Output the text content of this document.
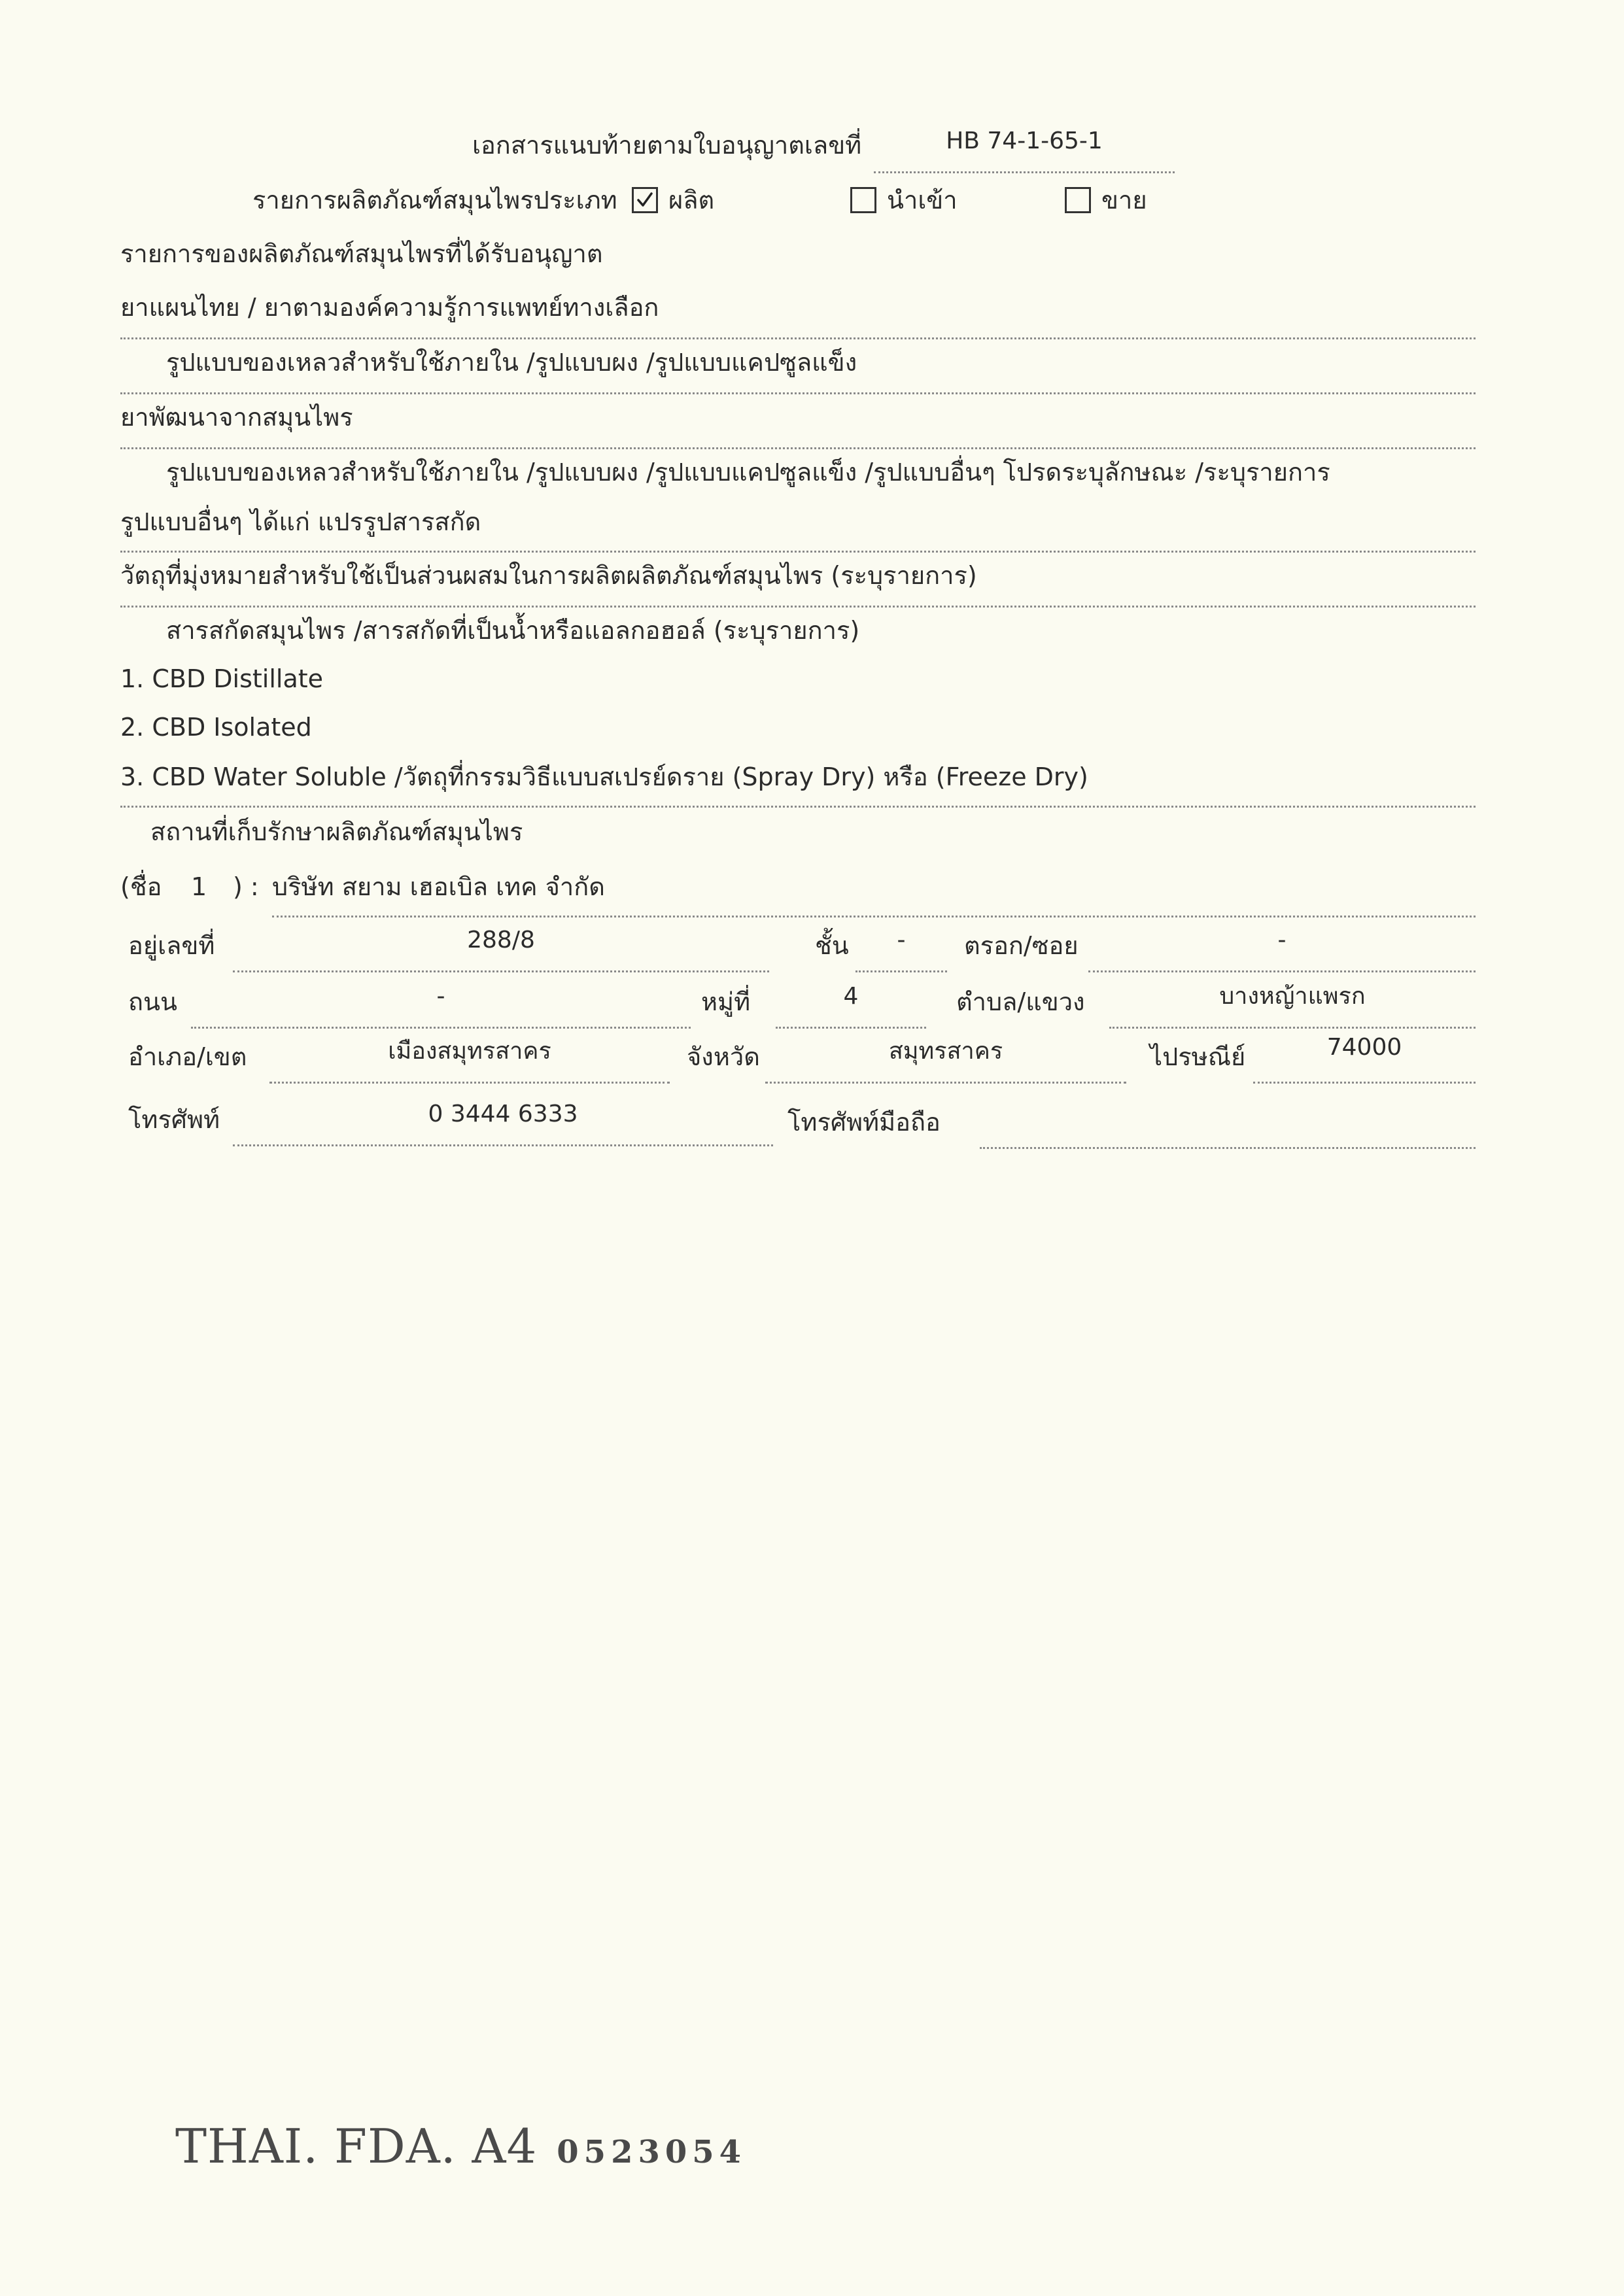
เอกสารแนบท้ายตามใบอนุญาตเลขที่	HB 74-1-65-1
รายการผลิตภัณฑ์สมุนไพรประเภท ผลิต	นำเข้า	ขาย
รายการของผลิตภัณฑ์สมุนไพรที่ได้รับอนุญาต
ยาแผนไทย / ยาตามองค์ความรู้การแพทย์ทางเลือก
รูปแบบของเหลวสำหรับใช้ภายใน /รูปแบบผง /รูปแบบแคปซูลแข็ง
ยาพัฒนาจากสมุนไพร
รูปแบบของเหลวสำหรับใช้ภายใน /รูปแบบผง /รูปแบบแคปซูลแข็ง /รูปแบบอื่นๆ โปรดระบุลักษณะ /ระบุรายการ
รูปแบบอื่นๆ ได้แก่ แปรรูปสารสกัด
วัตถุที่มุ่งหมายสำหรับใช้เป็นส่วนผสมในการผลิตผลิตภัณฑ์สมุนไพร (ระบุรายการ)
สารสกัดสมุนไพร /สารสกัดที่เป็นน้ำหรือแอลกอฮอล์ (ระบุรายการ)
1. CBD Distillate
2. CBD Isolated
3. CBD Water Soluble /วัตถุที่กรรมวิธีแบบสเปรย์ดราย (Spray Dry) หรือ (Freeze Dry)
สถานที่เก็บรักษาผลิตภัณฑ์สมุนไพร
(ชื่อ 1 ) : บริษัท สยาม เฮอเบิล เทค จำกัด
อยู่เลขที่	288/8	ชั้น	-	ตรอก/ซอย	-
ถนน	-	หมู่ที่	4	ตำบล/แขวง	บางหญ้าแพรก
อำเภอ/เขต	เมืองสมุทรสาคร	จังหวัด	สมุทรสาคร	ไปรษณีย์	74000
โทรศัพท์	0 3444 6333	โทรศัพท์มือถือ
THAI. FDA. A4 0523054
